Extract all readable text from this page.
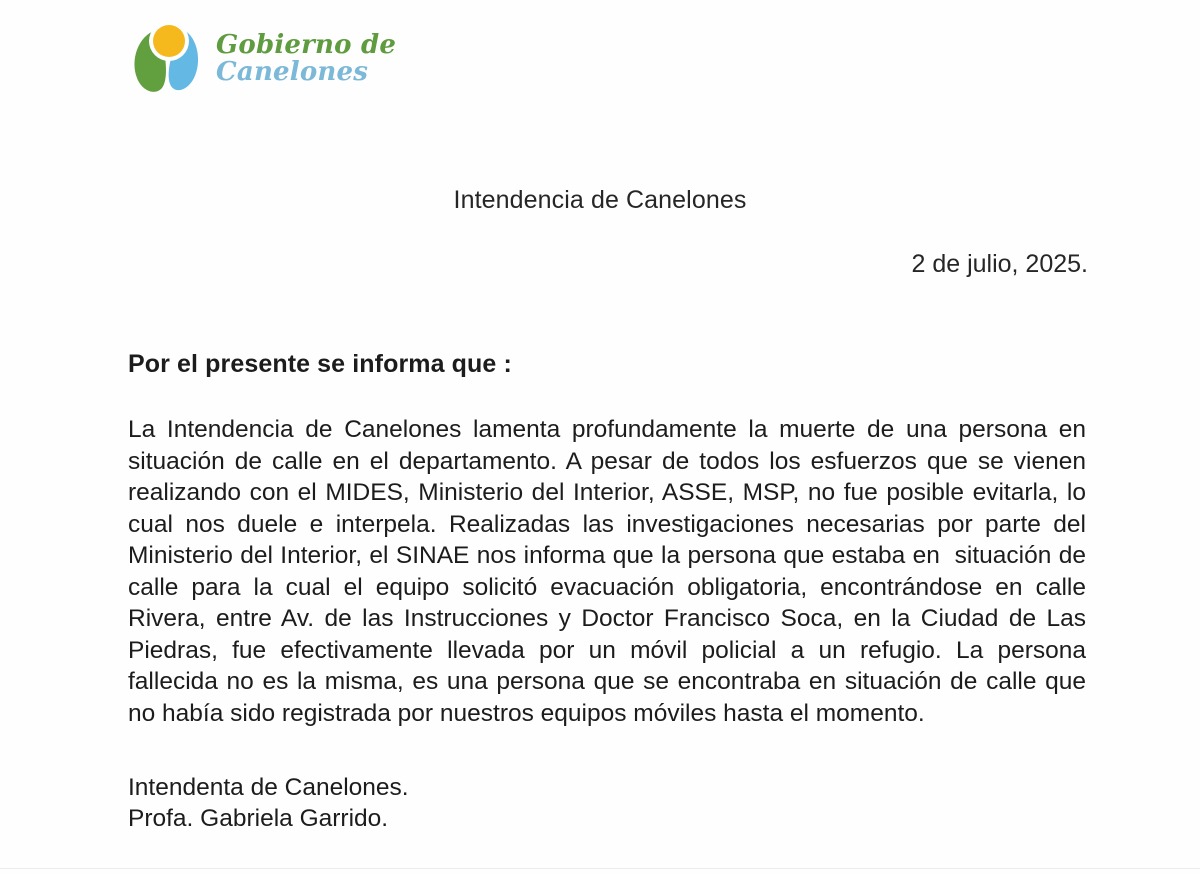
Gobierno de
Canelones
Intendencia de Canelones
2 de julio, 2025.
Por el presente se informa que :
La Intendencia de Canelones lamenta profundamente la muerte de una persona en
situación de calle en el departamento. A pesar de todos los esfuerzos que se vienen
realizando con el MIDES, Ministerio del Interior, ASSE, MSP, no fue posible evitarla, lo
cual nos duele e interpela. Realizadas las investigaciones necesarias por parte del
Ministerio del Interior, el SINAE nos informa que la persona que estaba en  situación de
calle para la cual el equipo solicitó evacuación obligatoria, encontrándose en calle
Rivera, entre Av. de las Instrucciones y Doctor Francisco Soca, en la Ciudad de Las
Piedras, fue efectivamente llevada por un móvil policial a un refugio. La persona
fallecida no es la misma, es una persona que se encontraba en situación de calle que
no había sido registrada por nuestros equipos móviles hasta el momento.
Intendenta de Canelones.
Profa. Gabriela Garrido.
